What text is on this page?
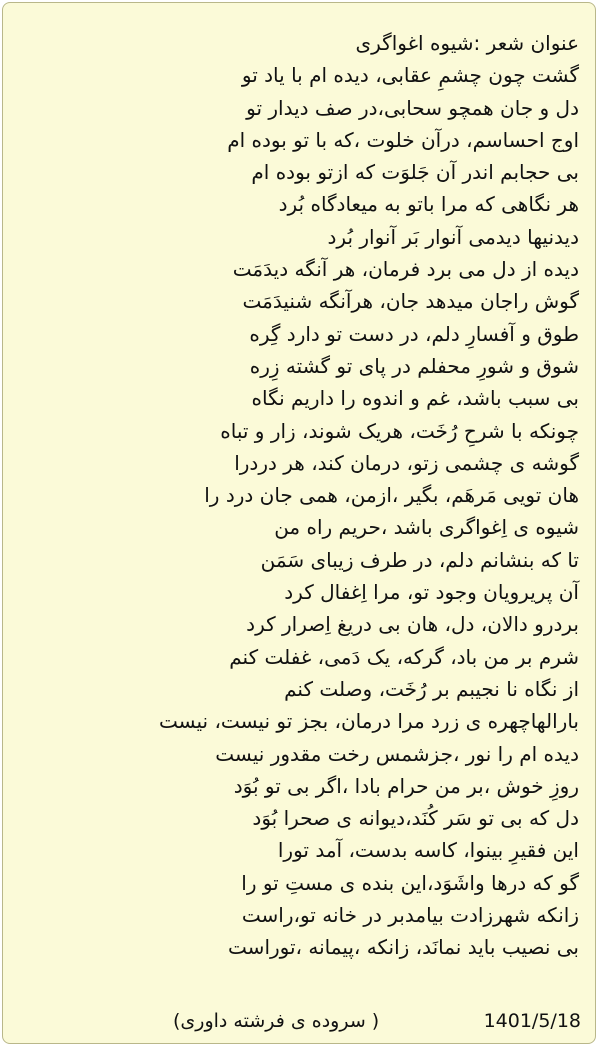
عنوان شعر :شیوه اغواگری
گشت چون چشمِ عقابی، دیده ام با یاد تو
دل و جان همچو سحابی،در صف دیدار تو
اوج احساسم، درآن خلوت ،که با تو بوده ام
بی حجابم اندر آن جَلوَت که ازتو بوده ام
هر نگاهی که مرا باتو به میعادگاه بُرد
دیدنیها دیدمی آنوار بَر آنوار بُرد
دیده از دل می برد فرمان، هر آنگه دیدَمَت
گوش راجان میدهد جان، هرآنگه شنیدَمَت
طوق و آفسارِ دلم، در دست تو دارد گِره
شوق و شورِ محفلم در پای تو گشته زِره
بی سبب باشد، غم و اندوه را داریم نگاه
چونکه با شرحِ رُخَت، هریک شوند، زار و تباه
گوشه ی چشمی زتو، درمان کند، هر دردرا
هان تویی مَرهَم، بگیر ،ازمن، همی جان درد را
شیوه ی اِغواگری باشد ،حریم راه من
تا که بنشانم دلم، در طرف زیبای سَمَن
آن پریرویان وجود تو، مرا اِغفال کرد
بردرو دالان، دل، هان بی دریغ اِصرار کرد
شرم بر من باد، گرکه، یک دَمی، غفلت کنم
از نگاه نا نجیبم بر رُخَت، وصلت کنم
بارالهاچهره ی زرد مرا درمان، بجز تو نیست، نیست
دیده ام را نور ،جزشمس رخت مقدور نیست
روزِ خوش ،بر من حرام بادا ،اگر بی تو بُوَد
دل که بی تو سَر کُنَد،دیوانه ی صحرا بُوَد
این فقیرِ بینوا، کاسه بدست، آمد تورا
گو که درها واشَوَد،این بنده ی مستِ تو را
زانکه شهرزادت بیامدبر در خانه تو،راست
بی نصیب باید نمانَد، زانکه ،پیمانه ،توراست
1401/5/18
( سروده ی فرشته داوری)
